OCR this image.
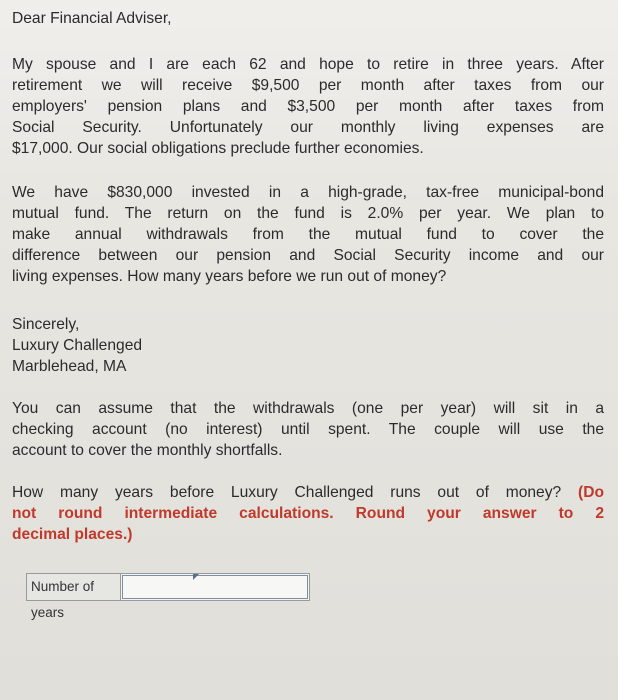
Dear Financial Adviser,
My spouse and I are each 62 and hope to retire in three years. After
retirement we will receive $9,500 per month after taxes from our
employers' pension plans and $3,500 per month after taxes from
Social Security. Unfortunately our monthly living expenses are
$17,000. Our social obligations preclude further economies.
We have $830,000 invested in a high-grade, tax-free municipal-bond
mutual fund. The return on the fund is 2.0% per year. We plan to
make annual withdrawals from the mutual fund to cover the
difference between our pension and Social Security income and our
living expenses. How many years before we run out of money?
Sincerely,
Luxury Challenged
Marblehead, MA
You can assume that the withdrawals (one per year) will sit in a
checking account (no interest) until spent. The couple will use the
account to cover the monthly shortfalls.
How many years before Luxury Challenged runs out of money? (Do
not round intermediate calculations. Round your answer to 2
decimal places.)
Number of years
